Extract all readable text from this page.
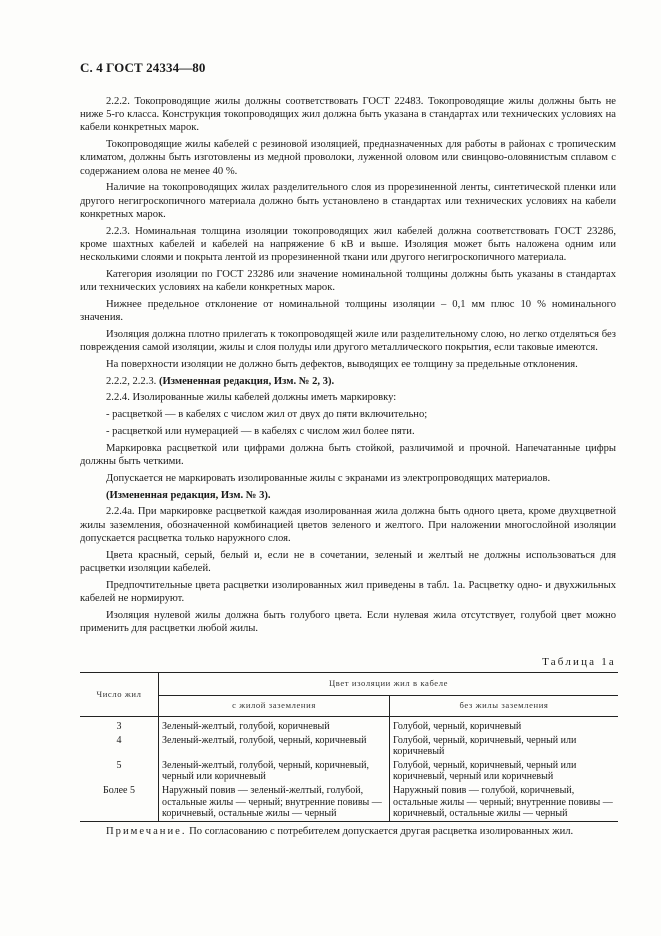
С. 4 ГОСТ 24334—80

2.2.2. Токопроводящие жилы должны соответствовать ГОСТ 22483. Токопроводящие жилы должны быть не ниже 5-го класса. Конструкция токопроводящих жил должна быть указана в стандартах или технических условиях на кабели конкретных марок.

Токопроводящие жилы кабелей с резиновой изоляцией, предназначенных для работы в районах с тропическим климатом, должны быть изготовлены из медной проволоки, луженной оловом или свинцово-оловянистым сплавом с содержанием олова не менее 40 %.

Наличие на токопроводящих жилах разделительного слоя из прорезиненной ленты, синтетической пленки или другого негигроскопичного материала должно быть установлено в стандартах или технических условиях на кабели конкретных марок.

2.2.3. Номинальная толщина изоляции токопроводящих жил кабелей должна соответствовать ГОСТ 23286, кроме шахтных кабелей и кабелей на напряжение 6 кВ и выше. Изоляция может быть наложена одним или несколькими слоями и покрыта лентой из прорезиненной ткани или другого негигроскопичного материала.

Категория изоляции по ГОСТ 23286 или значение номинальной толщины должны быть указаны в стандартах или технических условиях на кабели конкретных марок.

Нижнее предельное отклонение от номинальной толщины изоляции – 0,1 мм плюс 10 % номинального значения.

Изоляция должна плотно прилегать к токопроводящей жиле или разделительному слою, но легко отделяться без повреждения самой изоляции, жилы и слоя полуды или другого металлического покрытия, если таковые имеются.

На поверхности изоляции не должно быть дефектов, выводящих ее толщину за предельные отклонения.

2.2.2, 2.2.3. (Измененная редакция, Изм. № 2, 3).

2.2.4. Изолированные жилы кабелей должны иметь маркировку:

- расцветкой — в кабелях с числом жил от двух до пяти включительно;

- расцветкой или нумерацией — в кабелях с числом жил более пяти.

Маркировка расцветкой или цифрами должна быть стойкой, различимой и прочной. Напечатанные цифры должны быть четкими.

Допускается не маркировать изолированные жилы с экранами из электропроводящих материалов.

(Измененная редакция, Изм. № 3).

2.2.4а. При маркировке расцветкой каждая изолированная жила должна быть одного цвета, кроме двухцветной жилы заземления, обозначенной комбинацией цветов зеленого и желтого. При наложении многослойной изоляции допускается расцветка только наружного слоя.

Цвета красный, серый, белый и, если не в сочетании, зеленый и желтый не должны использоваться для расцветки изоляции кабелей.

Предпочтительные цвета расцветки изолированных жил приведены в табл. 1а. Расцветку одно- и двухжильных кабелей не нормируют.

Изоляция нулевой жилы должна быть голубого цвета. Если нулевая жила отсутствует, голубой цвет можно применить для расцветки любой жилы.

Таблица 1а
Число жил	Цвет изоляции жил в кабеле	
	с жилой заземления	без жилы заземления
3	Зеленый-желтый, голубой, коричневый	Голубой, черный, коричневый
4	Зеленый-желтый, голубой, черный, коричневый	Голубой, черный, коричневый, черный или коричневый
5	Зеленый-желтый, голубой, черный, коричневый, черный или коричневый	Голубой, черный, коричневый, черный или коричневый, черный или коричневый
Более 5	Наружный повив — зеленый-желтый, голубой, остальные жилы — черный; внутренние повивы — коричневый, остальные жилы — черный	Наружный повив — голубой, коричневый, остальные жилы — черный; внутренние повивы — коричневый, остальные жилы — черный
Примечание. По согласованию с потребителем допускается другая расцветка изолированных жил.
